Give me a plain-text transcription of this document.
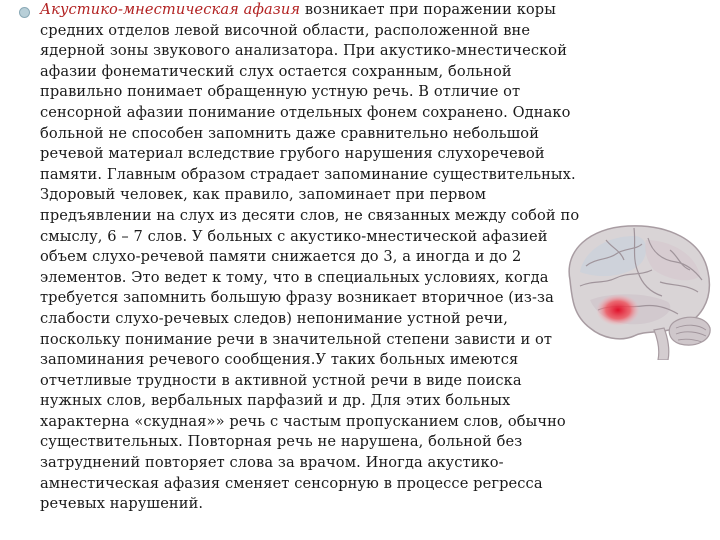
Акустико-мнестическая афазия возникает при поражении коры
средних отделов левой височной области, расположенной вне
ядерной зоны звукового анализатора. При акустико-мнестической
афазии фонематический слух остается сохранным, больной
правильно понимает обращенную устную речь. В отличие от
сенсорной афазии понимание отдельных фонем сохранено. Однако
больной не способен запомнить даже сравнительно небольшой
речевой материал вследствие грубого нарушения слухоречевой
памяти. Главным образом страдает запоминание существительных.
Здоровый человек, как правило, запоминает при первом
предъявлении на слух из десяти слов, не связанных между собой по
смыслу, 6 – 7 слов. У больных с акустико-мнестической афазией
объем слухо-речевой памяти снижается до 3, а иногда и до 2
элементов. Это ведет к тому, что в специальных условиях, когда
требуется запомнить большую фразу возникает вторичное (из-за
слабости слухо-речевых следов) непонимание устной речи,
поскольку понимание речи в значительной степени зависти и от
запоминания речевого сообщения.У таких больных имеются
отчетливые трудности в активной устной речи в виде поиска
нужных слов, вербальных парфазий и др. Для этих больных
характерна «скудная»» речь с частым пропусканием слов, обычно
существительных. Повторная речь не нарушена, больной без
затруднений повторяет слова за врачом. Иногда акустико-
амнестическая афазия сменяет сенсорную в процессе регресса
речевых нарушений.
